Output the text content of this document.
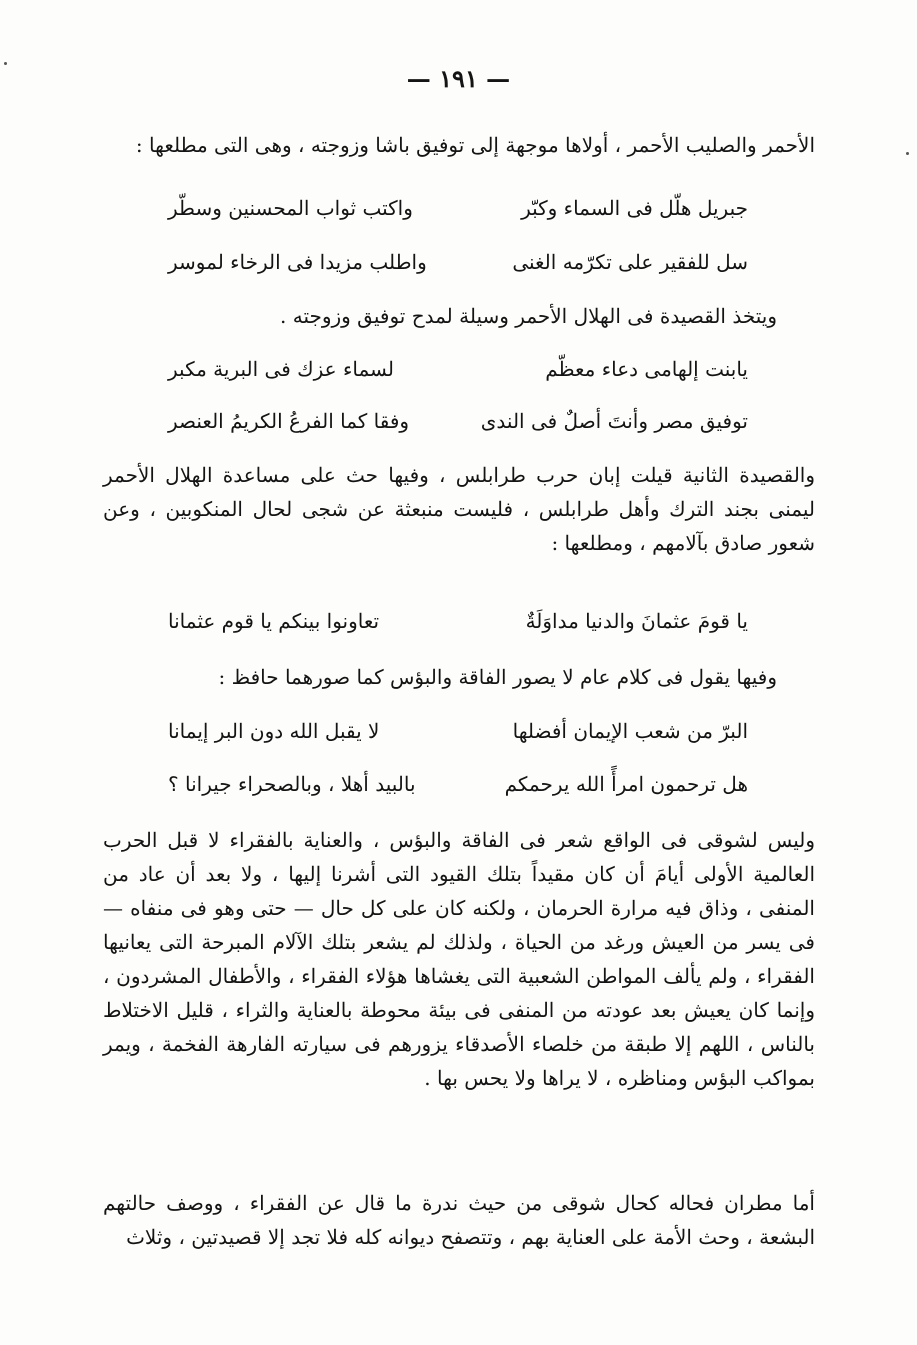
— ١٩١ —

الأحمر والصليب الأحمر ، أولاها موجهة إلى توفيق باشا وزوجته ، وهى التى مطلعها :

جبريل هلّل فى السماء وكبّر
واكتب ثواب المحسنين وسطّر
سل للفقير على تكرّمه الغنى
واطلب مزيدا فى الرخاء لموسر
ويتخذ القصيدة فى الهلال الأحمر وسيلة لمدح توفيق وزوجته .
يابنت إلهامى دعاء معظّم
لسماء عزك فى البرية مكبر
توفيق مصر وأنتَ أصلٌ فى الندى
وفقا كما الفرعُ الكريمُ العنصر

والقصيدة الثانية قيلت إبان حرب طرابلس ، وفيها حث على مساعدة الهلال الأحمر ليمنى بجند الترك وأهل طرابلس ، فليست منبعثة عن شجى لحال المنكوبين ، وعن شعور صادق بآلامهم ، ومطلعها :

يا قومَ عثمانَ والدنيا مداوَلَةٌ
تعاونوا بينكم يا قوم عثمانا
وفيها يقول فى كلام عام لا يصور الفاقة والبؤس كما صورهما حافظ :
البرّ من شعب الإيمان أفضلها
لا يقبل الله دون البر إيمانا
هل ترحمون امرأً الله يرحمكم
بالبيد أهلا ، وبالصحراء جيرانا ؟

وليس لشوقى فى الواقع شعر فى الفاقة والبؤس ، والعناية بالفقراء لا قبل الحرب العالمية الأولى أيامَ أن كان مقيداً بتلك القيود التى أشرنا إليها ، ولا بعد أن عاد من المنفى ، وذاق فيه مرارة الحرمان ، ولكنه كان على كل حال — حتى وهو فى منفاه — فى يسر من العيش ورغد من الحياة ، ولذلك لم يشعر بتلك الآلام المبرحة التى يعانيها الفقراء ، ولم يألف المواطن الشعبية التى يغشاها هؤلاء الفقراء ، والأطفال المشردون ، وإنما كان يعيش بعد عودته من المنفى فى بيئة محوطة بالعناية والثراء ، قليل الاختلاط بالناس ، اللهم إلا طبقة من خلصاء الأصدقاء يزورهم فى سيارته الفارهة الفخمة ، ويمر بمواكب البؤس ومناظره ، لا يراها ولا يحس بها .

أما مطران فحاله كحال شوقى من حيث ندرة ما قال عن الفقراء ، ووصف حالتهم البشعة ، وحث الأمة على العناية بهم ، وتتصفح ديوانه كله فلا تجد إلا قصيدتين ، وثلاث
